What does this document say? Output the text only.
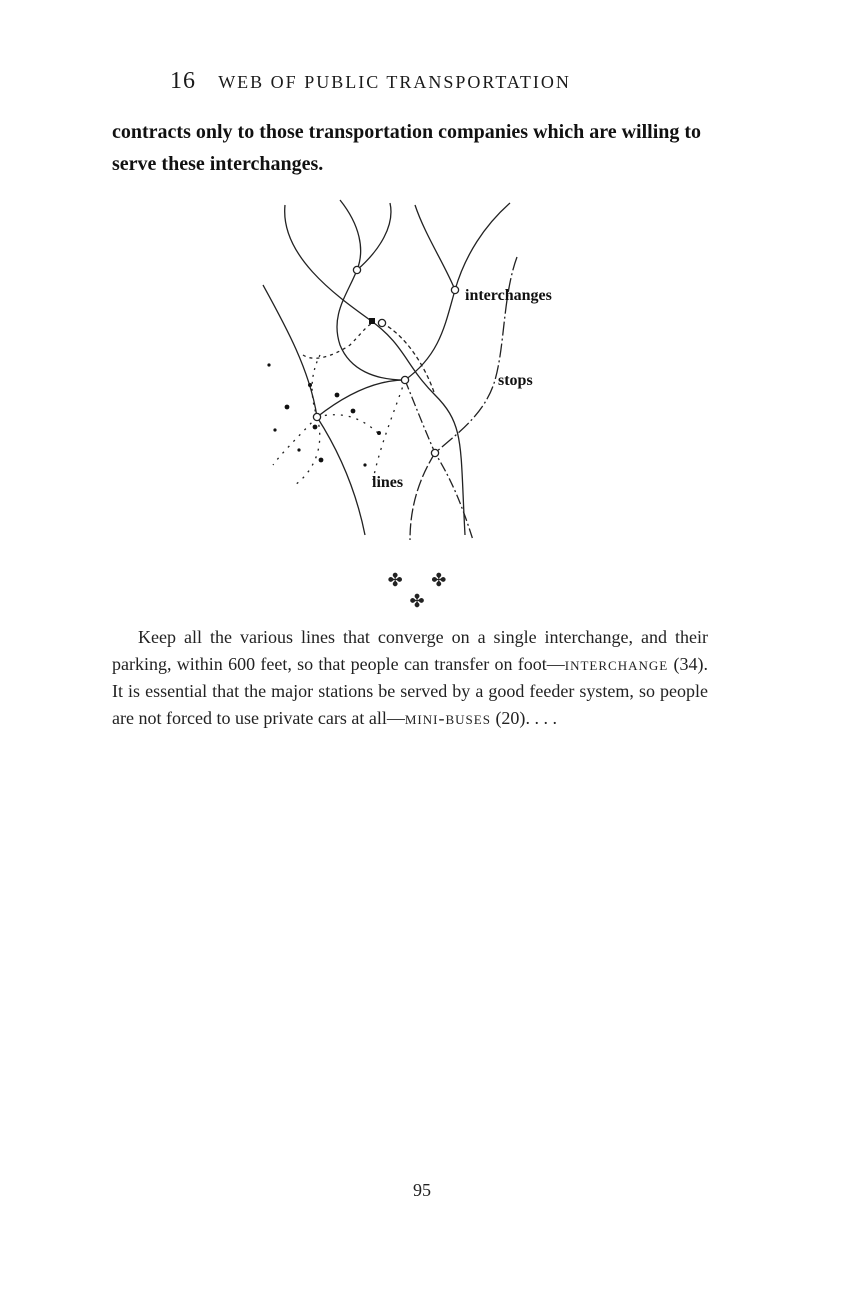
16 WEB OF PUBLIC TRANSPORTATION
contracts only to those transportation companies which are willing to serve these interchanges.
interchanges
stops
lines
✤ ✤ ✤

Keep all the various lines that converge on a single interchange, and their parking, within 600 feet, so that people can transfer on foot—interchange (34). It is essential that the major stations be served by a good feeder system, so people are not forced to use private cars at all—mini-buses (20). . . .

95
